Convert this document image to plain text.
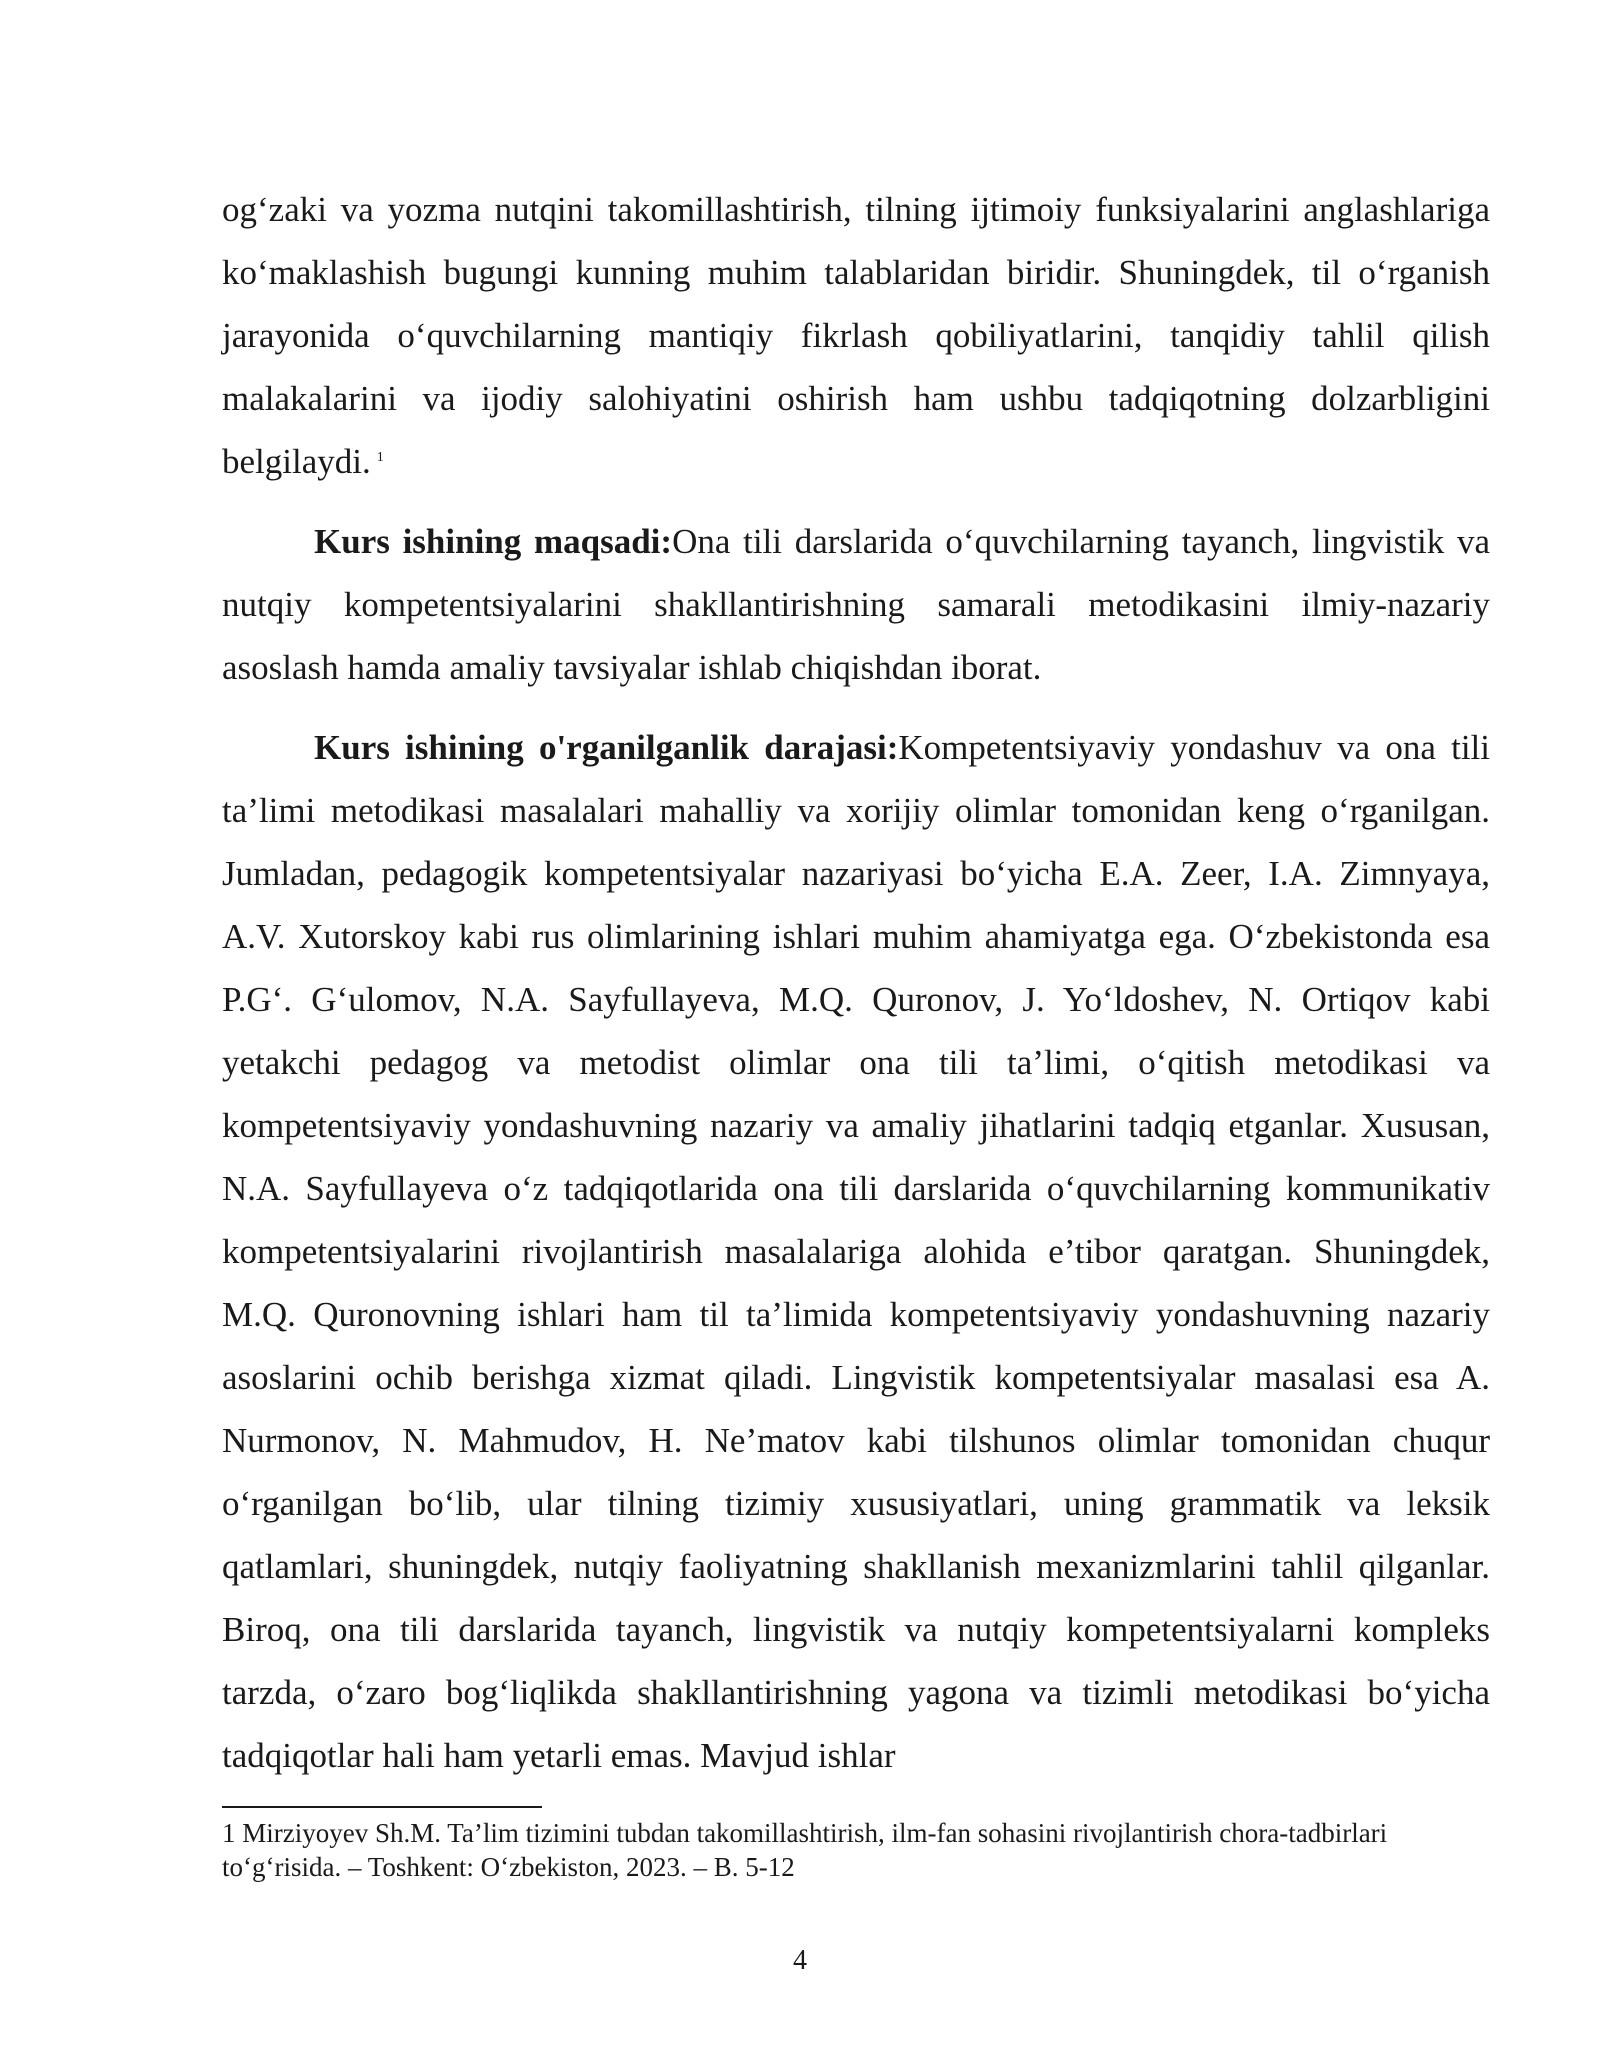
og‘zaki va yozma nutqini takomillashtirish, tilning ijtimoiy funksiyalarini anglashlariga ko‘maklashish bugungi kunning muhim talablaridan biridir. Shuningdek, til o‘rganish jarayonida o‘quvchilarning mantiqiy fikrlash qobiliyatlarini, tanqidiy tahlil qilish malakalarini va ijodiy salohiyatini oshirish ham ushbu tadqiqotning dolzarbligini belgilaydi. $^1$

Kurs ishining maqsadi:Ona tili darslarida o‘quvchilarning tayanch, lingvistik va nutqiy kompetentsiyalarini shakllantirishning samarali metodikasini ilmiy-nazariy asoslash hamda amaliy tavsiyalar ishlab chiqishdan iborat.

Kurs ishining o'rganilganlik darajasi:Kompetentsiyaviy yondashuv va ona tili ta’limi metodikasi masalalari mahalliy va xorijiy olimlar tomonidan keng o‘rganilgan. Jumladan, pedagogik kompetentsiyalar nazariyasi bo‘yicha E.A. Zeer, I.A. Zimnyaya, A.V. Xutorskoy kabi rus olimlarining ishlari muhim ahamiyatga ega. O‘zbekistonda esa P.G‘. G‘ulomov, N.A. Sayfullayeva, M.Q. Quronov, J. Yo‘ldoshev, N. Ortiqov kabi yetakchi pedagog va metodist olimlar ona tili ta’limi, o‘qitish metodikasi va kompetentsiyaviy yondashuvning nazariy va amaliy jihatlarini tadqiq etganlar. Xususan, N.A. Sayfullayeva o‘z tadqiqotlarida ona tili darslarida o‘quvchilarning kommunikativ kompetentsiyalarini rivojlantirish masalalariga alohida e’tibor qaratgan. Shuningdek, M.Q. Quronovning ishlari ham til ta’limida kompetentsiyaviy yondashuvning nazariy asoslarini ochib berishga xizmat qiladi. Lingvistik kompetentsiyalar masalasi esa A. Nurmonov, N. Mahmudov, H. Ne’matov kabi tilshunos olimlar tomonidan chuqur o‘rganilgan bo‘lib, ular tilning tizimiy xususiyatlari, uning grammatik va leksik qatlamlari, shuningdek, nutqiy faoliyatning shakllanish mexanizmlarini tahlil qilganlar. Biroq, ona tili darslarida tayanch, lingvistik va nutqiy kompetentsiyalarni kompleks tarzda, o‘zaro bog‘liqlikda shakllantirishning yagona va tizimli metodikasi bo‘yicha tadqiqotlar hali ham yetarli emas. Mavjud ishlar

1 Mirziyoyev Sh.M. Ta’lim tizimini tubdan takomillashtirish, ilm-fan sohasini rivojlantirish chora-tadbirlari to‘g‘risida. – Toshkent: O‘zbekiston, 2023. – B. 5-12
4
